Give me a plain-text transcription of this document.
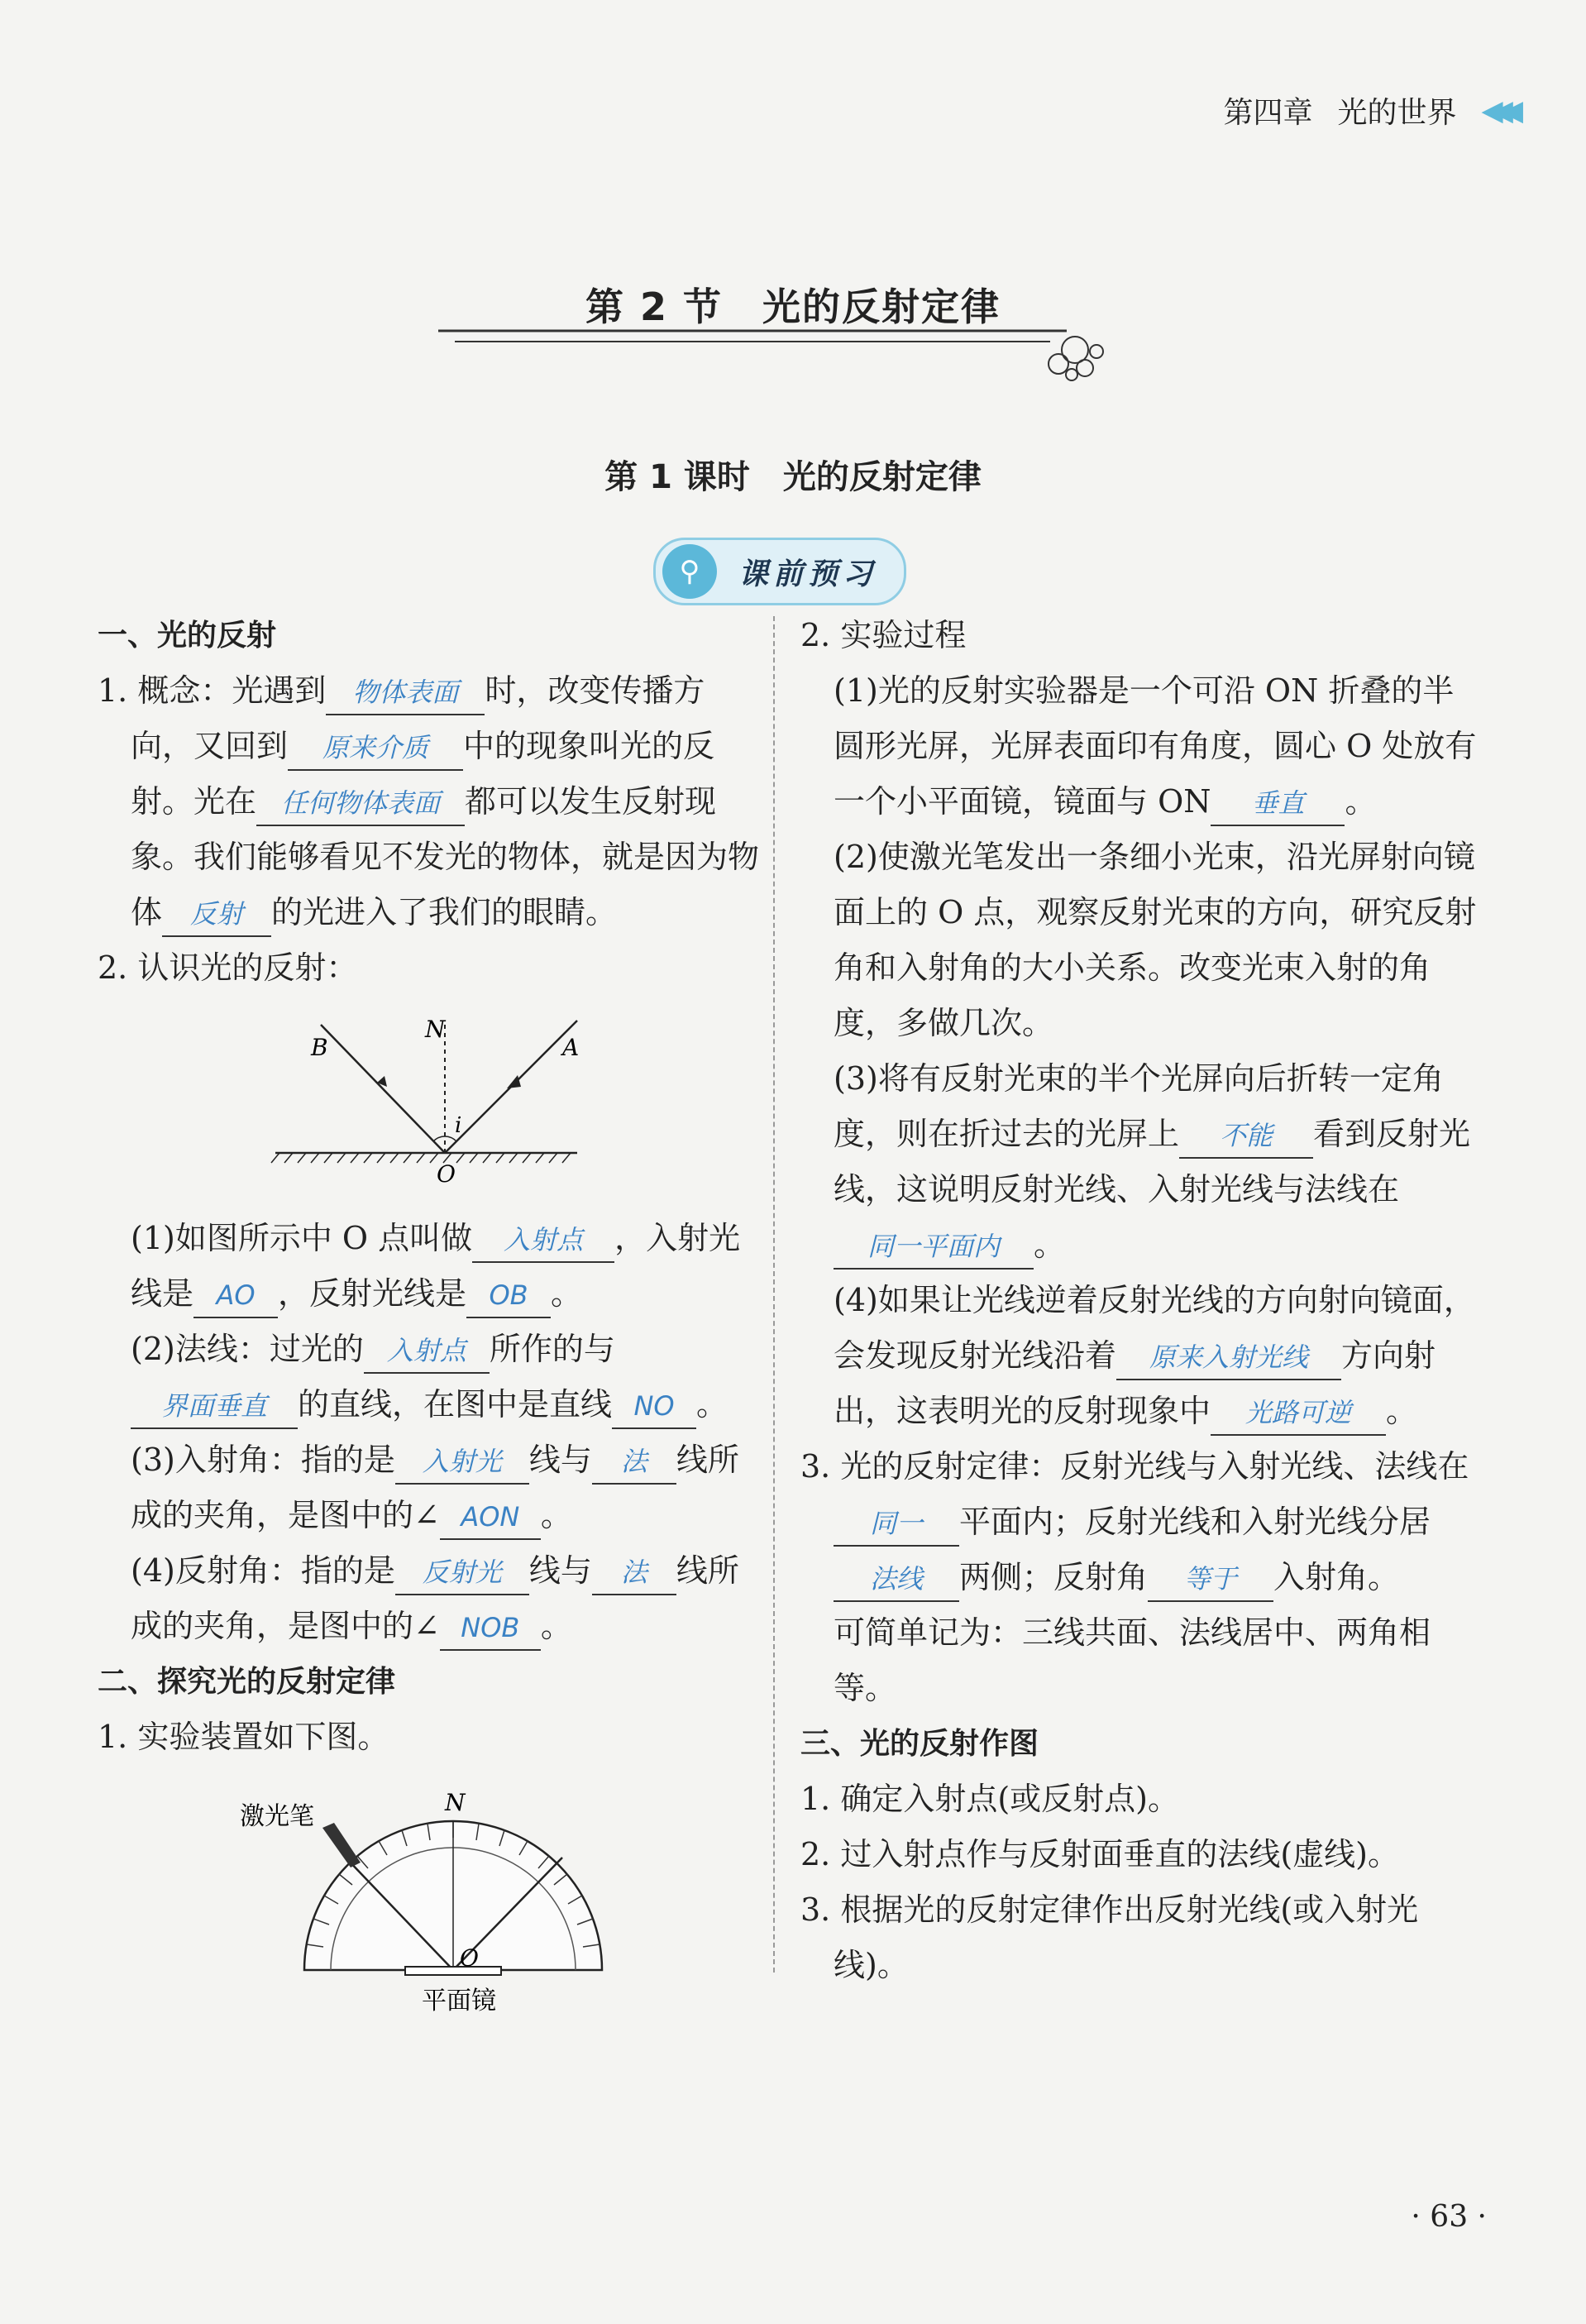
第四章 光的世界 ◀◀◀
第 2 节　光的反射定律
第 1 课时　光的反射定律
⚲	课前预习

一、光的反射

1. 概念：光遇到 物体表面 时，改变传播方向，又回到 原来介质 中的现象叫光的反射。光在 任何物体表面 都可以发生反射现象。我们能够看见不发光的物体，就是因为物体 反射 的光进入了我们的眼睛。

2. 认识光的反射：

B
N
A
i
O

(1)如图所示中 O 点叫做 入射点 ，入射光线是 AO ，反射光线是 OB 。

(2)法线：过光的 入射点 所作的与界面垂直 的直线，在图中是直线 NO 。

(3)入射角：指的是 入射光 线与 法 线所成的夹角，是图中的∠ AON 。

(4)反射角：指的是 反射光 线与 法 线所成的夹角，是图中的∠ NOB 。

二、探究光的反射定律

1. 实验装置如下图。

激光笔	N
O
平面镜

2. 实验过程

(1)光的反射实验器是一个可沿 ON 折叠的半圆形光屏，光屏表面印有角度，圆心 O 处放有一个小平面镜，镜面与 ON 垂直 。

(2)使激光笔发出一条细小光束，沿光屏射向镜面上的 O 点，观察反射光束的方向，研究反射角和入射角的大小关系。改变光束入射的角度，多做几次。

(3)将有反射光束的半个光屏向后折转一定角度，则在折过去的光屏上 不能 看到反射光线，这说明反射光线、入射光线与法线在同一平面内 。

(4)如果让光线逆着反射光线的方向射向镜面，会发现反射光线沿着 原来入射光线 方向射出，这表明光的反射现象中 光路可逆 。

3. 光的反射定律：反射光线与入射光线、法线在同一 平面内；反射光线和入射光线分居法线 两侧；反射角 等于 入射角。

可简单记为：三线共面、法线居中、两角相等。

三、光的反射作图

1. 确定入射点(或反射点)。

2. 过入射点作与反射面垂直的法线(虚线)。

3. 根据光的反射定律作出反射光线(或入射光线)。

· 63 ·
